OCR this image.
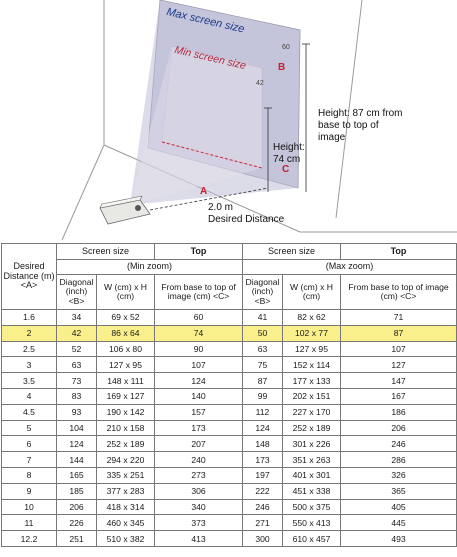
Max screen size

Min screen size	60

B

42

Height: 87 cm from base to top of image

Height: 74 cm

C

A

2.0 m
Desired Distance
Desired Distance (m) <A>	Screen size		Top	Screen size		Top
	(Min zoom)			(Max zoom)		
	Diagonal (inch) <B>	W (cm) x H (cm)	From base to top of image (cm) <C>	Diagonal (inch) <B>	W (cm) x H (cm)	From base to top of image (cm) <C>
1.6	34	69 x 52	60	41	82 x 62	71
2	42	86 x 64	74	50	102 x 77	87
2.5	52	106 x 80	90	63	127 x 95	107
3	63	127 x 95	107	75	152 x 114	127
3.5	73	148 x 111	124	87	177 x 133	147
4	83	169 x 127	140	99	202 x 151	167
4.5	93	190 x 142	157	112	227 x 170	186
5	104	210 x 158	173	124	252 x 189	206
6	124	252 x 189	207	148	301 x 226	246
7	144	294 x 220	240	173	351 x 263	286
8	165	335 x 251	273	197	401 x 301	326
9	185	377 x 283	306	222	451 x 338	365
10	206	418 x 314	340	246	500 x 375	405
11	226	460 x 345	373	271	550 x 413	445
12.2	251	510 x 382	413	300	610 x 457	493
